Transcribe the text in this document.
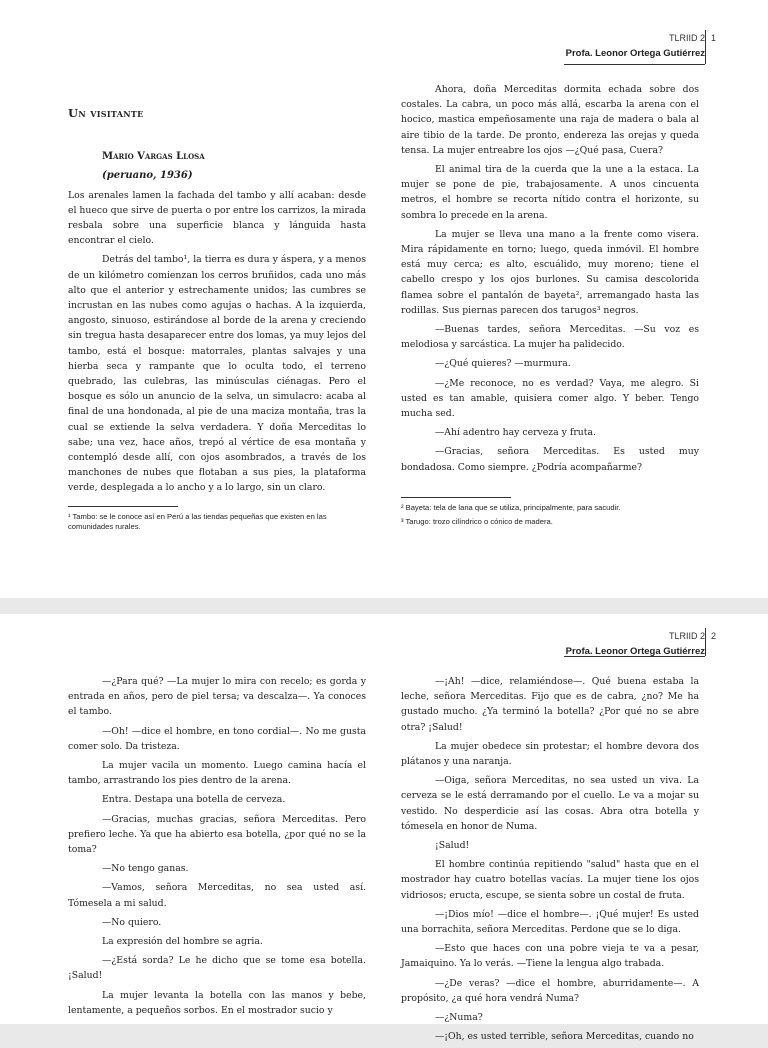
TLRIID 2
Profa. Leonor Ortega Gutiérrez
1
Un visitante

Mario Vargas Llosa

(peruano, 1936)

Los arenales lamen la fachada del tambo y allí acaban: desde el hueco que sirve de puerta o por entre los carrizos, la mirada resbala sobre una superficie blanca y lánguida hasta encontrar el cielo.

Detrás del tambo¹, la tierra es dura y áspera, y a menos de un kilómetro comienzan los cerros bruñidos, cada uno más alto que el anterior y estrechamente unidos; las cumbres se incrustan en las nubes como agujas o hachas. A la izquierda, angosto, sinuoso, estirándose al borde de la arena y creciendo sin tregua hasta desaparecer entre dos lomas, ya muy lejos del tambo, está el bosque: matorrales, plantas salvajes y una hierba seca y rampante que lo oculta todo, el terreno quebrado, las culebras, las minúsculas ciénagas. Pero el bosque es sólo un anuncio de la selva, un simulacro: acaba al final de una hondonada, al pie de una maciza montaña, tras la cual se extiende la selva verdadera. Y doña Merceditas lo sabe; una vez, hace años, trepó al vértice de esa montaña y contempló desde allí, con ojos asombrados, a través de los manchones de nubes que flotaban a sus pies, la plataforma verde, desplegada a lo ancho y a lo largo, sin un claro.

¹ Tambo: se le conoce así en Perú a las tiendas pequeñas que existen en las comunidades rurales.

Ahora, doña Merceditas dormita echada sobre dos costales. La cabra, un poco más allá, escarba la arena con el hocico, mastica empeñosamente una raja de madera o bala al aire tibio de la tarde. De pronto, endereza las orejas y queda tensa. La mujer entreabre los ojos —¿Qué pasa, Cuera?

El animal tira de la cuerda que la une a la estaca. La mujer se pone de pie, trabajosamente. A unos cincuenta metros, el hombre se recorta nítido contra el horizonte, su sombra lo precede en la arena.

La mujer se lleva una mano a la frente como visera. Mira rápidamente en torno; luego, queda inmóvil. El hombre está muy cerca; es alto, escuálido, muy moreno; tiene el cabello crespo y los ojos burlones. Su camisa descolorida flamea sobre el pantalón de bayeta², arremangado hasta las rodillas. Sus piernas parecen dos tarugos³ negros.

—Buenas tardes, señora Merceditas. —Su voz es melodiosa y sarcástica. La mujer ha palidecido.

—¿Qué quieres? —murmura.

—¿Me reconoce, no es verdad? Vaya, me alegro. Si usted es tan amable, quisiera comer algo. Y beber. Tengo mucha sed.

—Ahí adentro hay cerveza y fruta.

—Gracias, señora Merceditas. Es usted muy bondadosa. Como siempre. ¿Podría acompañarme?

² Bayeta: tela de lana que se utiliza, principalmente, para sacudir.

³ Tarugo: trozo cilíndrico o cónico de madera.

TLRIID 2
Profa. Leonor Ortega Gutiérrez
2

—¿Para qué? —La mujer lo mira con recelo; es gorda y entrada en años, pero de piel tersa; va descalza—. Ya conoces el tambo.

—Oh! —dice el hombre, en tono cordial—. No me gusta comer solo. Da tristeza.

La mujer vacila un momento. Luego camina hacía el tambo, arrastrando los pies dentro de la arena.

Entra. Destapa una botella de cerveza.

—Gracias, muchas gracias, señora Merceditas. Pero prefiero leche. Ya que ha abierto esa botella, ¿por qué no se la toma?

—No tengo ganas.

—Vamos, señora Merceditas, no sea usted así. Tómesela a mi salud.

—No quiero.

La expresión del hombre se agria.

—¿Está sorda? Le he dicho que se tome esa botella. ¡Salud!

La mujer levanta la botella con las manos y bebe, lentamente, a pequeños sorbos. En el mostrador sucio y

—¡Ah! —dice, relamiéndose—. Qué buena estaba la leche, señora Merceditas. Fijo que es de cabra, ¿no? Me ha gustado mucho. ¿Ya terminó la botella? ¿Por qué no se abre otra? ¡Salud!

La mujer obedece sin protestar; el hombre devora dos plátanos y una naranja.

—Oiga, señora Merceditas, no sea usted un viva. La cerveza se le está derramando por el cuello. Le va a mojar su vestido. No desperdicie así las cosas. Abra otra botella y tómesela en honor de Numa.

¡Salud!

El hombre continúa repitiendo "salud" hasta que en el mostrador hay cuatro botellas vacías. La mujer tiene los ojos vidriosos; eructa, escupe, se sienta sobre un costal de fruta.

—¡Dios mío! —dice el hombre—. ¡Qué mujer! Es usted una borrachita, señora Merceditas. Perdone que se lo diga.

—Esto que haces con una pobre vieja te va a pesar, Jamaiquino. Ya lo verás. —Tiene la lengua algo trabada.

—¿De veras? —dice el hombre, aburridamente—. A propósito, ¿a qué hora vendrá Numa?

—¿Numa?

—¡Oh, es usted terrible, señora Merceditas, cuando no
